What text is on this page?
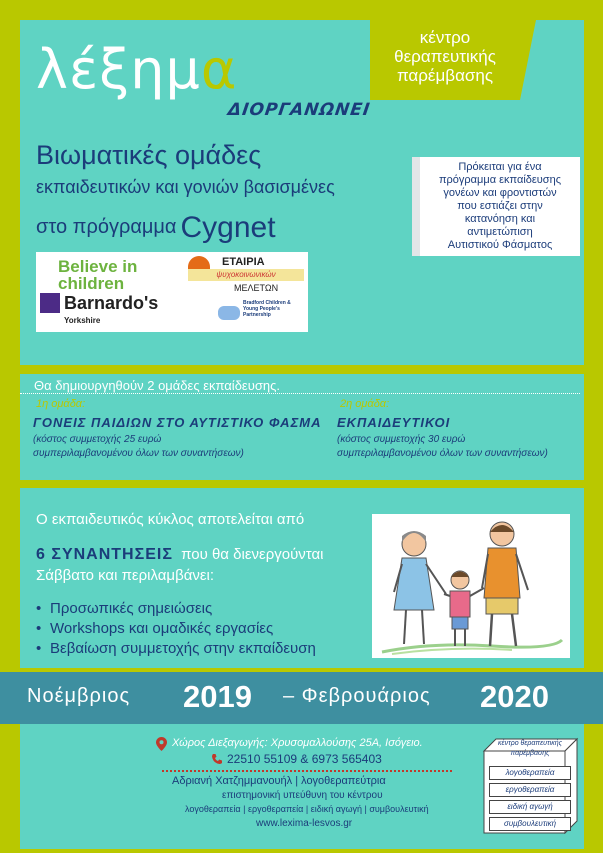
λέξημα
ΔΙΟΡΓΑΝΩΝΕΙ
κέντρο
θεραπευτικής
παρέμβασης
Βιωματικές ομάδες
εκπαιδευτικών και γονιών βασισμένες
στο πρόγραμμα Cygnet
Πρόκειται για ένα
πρόγραμμα εκπαίδευσης
γονέων και φροντιστών
που εστιάζει στην
κατανόηση και
αντιμετώπιση
Αυτιστικού Φάσματος
Believe in
children
Barnardo's
Yorkshire
ΕΤΑΙΡΙΑ
ψυχοκοινωνικών
ΜΕΛΕΤΩΝ
Bradford Children & Young People's Partnership
Θα δημιουργηθούν 2 ομάδες εκπαίδευσης.
1η ομάδα:
ΓΟΝΕΙΣ ΠΑΙΔΙΩΝ ΣΤΟ ΑΥΤΙΣΤΙΚΟ ΦΑΣΜΑ
(κόστος συμμετοχής 25 ευρώ
συμπεριλαμβανομένου όλων των συναντήσεων)
2η ομάδα:
ΕΚΠΑΙΔΕΥΤΙΚΟΙ
(κόστος συμμετοχής 30 ευρώ
συμπεριλαμβανομένου όλων των συναντήσεων)
Ο εκπαιδευτικός κύκλος αποτελείται από
6 ΣΥΝΑΝΤΗΣΕΙΣ που θα διενεργούνται
Σάββατο και περιλαμβάνει:
• Προσωπικές σημειώσεις
• Workshops και ομαδικές εργασίες
• Βεβαίωση συμμετοχής στην εκπαίδευση
Νοέμβριος 2019 – Φεβρουάριος 2020
Χώρος Διεξαγωγής: Χρυσομαλλούσης 25Α, Ισόγειο.
22510 55109 & 6973 565403
Αδριανή Χατζημμανουήλ | λογοθεραπεύτρια
επιστημονική υπεύθυνη του κέντρου
λογοθεραπεία | εργοθεραπεία | ειδική αγωγή | συμβουλευτική
www.lexima-lesvos.gr
κέντρο θεραπευτικής παρέμβασης
λογοθεραπεία
εργοθεραπεία
ειδική αγωγή
συμβουλευτική
